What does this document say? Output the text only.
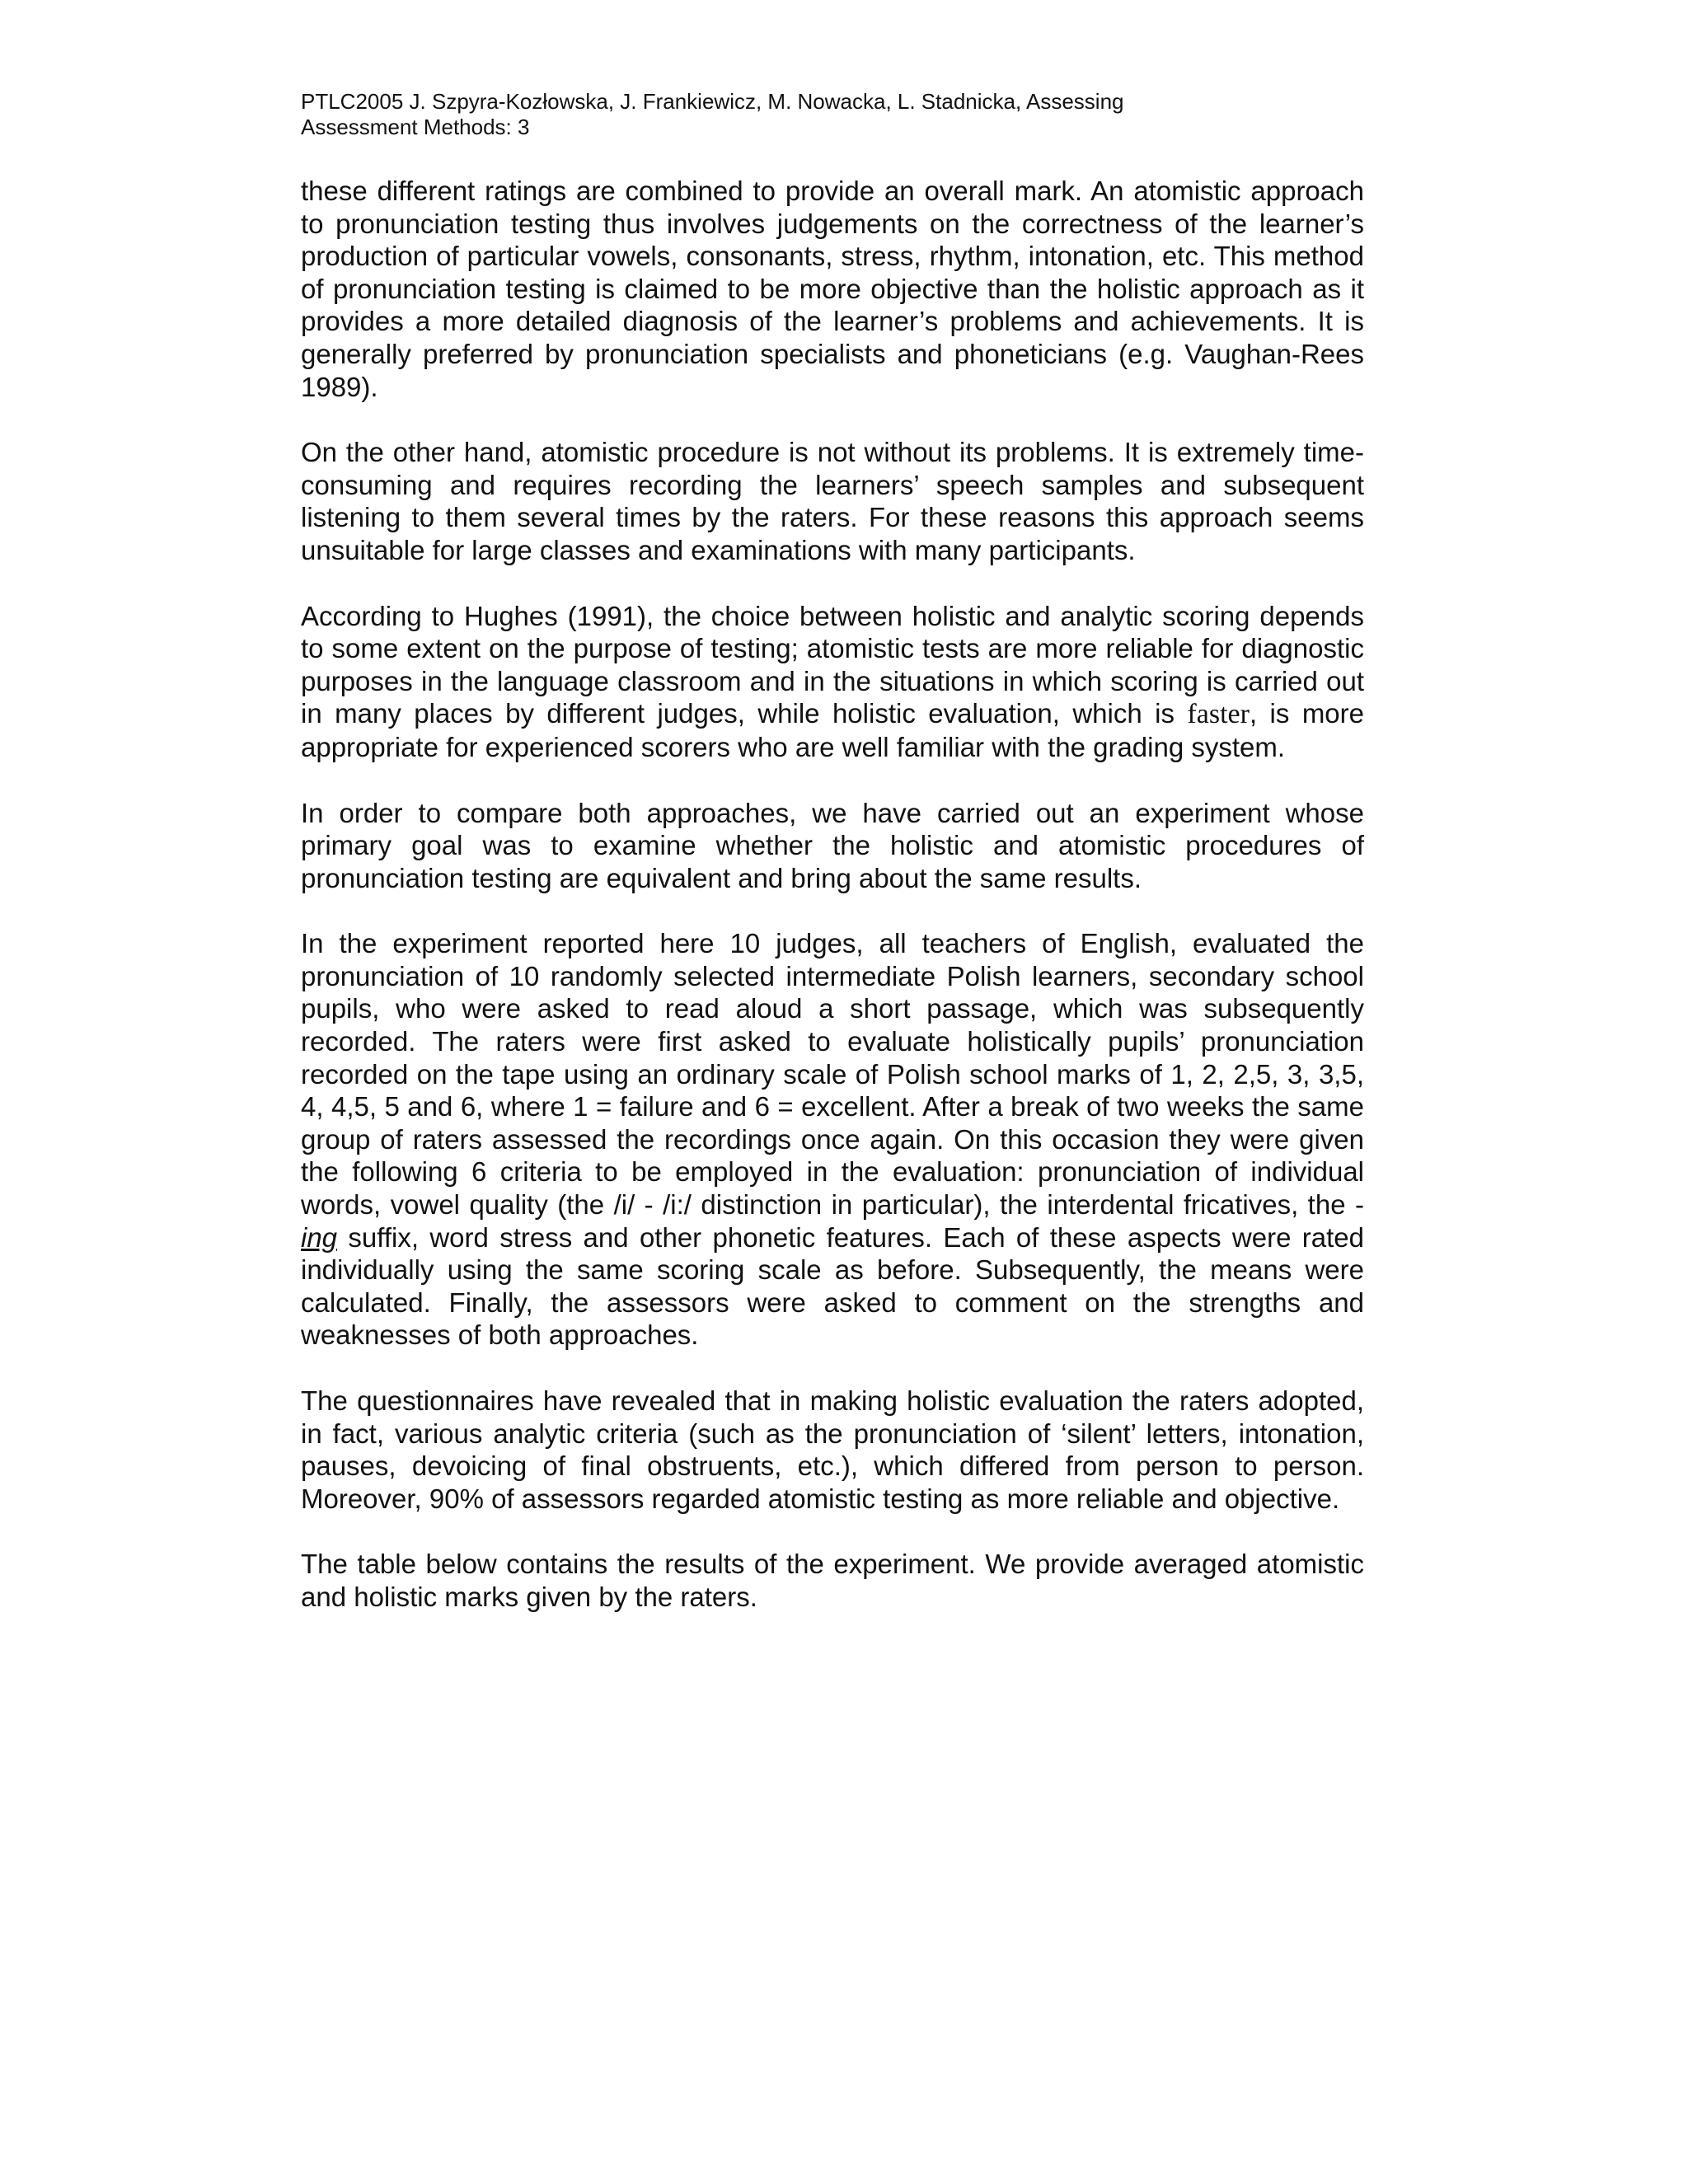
PTLC2005 J. Szpyra-Kozłowska, J. Frankiewicz, M. Nowacka, L. Stadnicka, Assessing
Assessment Methods: 3

these different ratings are combined to provide an overall mark. An atomistic approach to pronunciation testing thus involves judgements on the correctness of the learner’s production of particular vowels, consonants, stress, rhythm, intonation, etc. This method of pronunciation testing is claimed to be more objective than the holistic approach as it provides a more detailed diagnosis of the learner’s problems and achievements. It is generally preferred by pronunciation specialists and phoneticians (e.g. Vaughan-Rees 1989).

On the other hand, atomistic procedure is not without its problems. It is extremely time-consuming and requires recording the learners’ speech samples and subsequent listening to them several times by the raters. For these reasons this approach seems unsuitable for large classes and examinations with many participants.

According to Hughes (1991), the choice between holistic and analytic scoring depends to some extent on the purpose of testing; atomistic tests are more reliable for diagnostic purposes in the language classroom and in the situations in which scoring is carried out in many places by different judges, while holistic evaluation, which is faster, is more appropriate for experienced scorers who are well familiar with the grading system.

In order to compare both approaches, we have carried out an experiment whose primary goal was to examine whether the holistic and atomistic procedures of pronunciation testing are equivalent and bring about the same results.

In the experiment reported here 10 judges, all teachers of English, evaluated the pronunciation of 10 randomly selected intermediate Polish learners, secondary school pupils, who were asked to read aloud a short passage, which was subsequently recorded. The raters were first asked to evaluate holistically pupils’ pronunciation recorded on the tape using an ordinary scale of Polish school marks of 1, 2, 2,5, 3, 3,5, 4, 4,5, 5 and 6, where 1 = failure and 6 = excellent. After a break of two weeks the same group of raters assessed the recordings once again. On this occasion they were given the following 6 criteria to be employed in the evaluation: pronunciation of individual words, vowel quality (the /i/ - /i:/ distinction in particular), the interdental fricatives, the -ing suffix, word stress and other phonetic features. Each of these aspects were rated individually using the same scoring scale as before. Subsequently, the means were calculated. Finally, the assessors were asked to comment on the strengths and weaknesses of both approaches.

The questionnaires have revealed that in making holistic evaluation the raters adopted, in fact, various analytic criteria (such as the pronunciation of ‘silent’ letters, intonation, pauses, devoicing of final obstruents, etc.), which differed from person to person. Moreover, 90% of assessors regarded atomistic testing as more reliable and objective.

The table below contains the results of the experiment. We provide averaged atomistic and holistic marks given by the raters.
